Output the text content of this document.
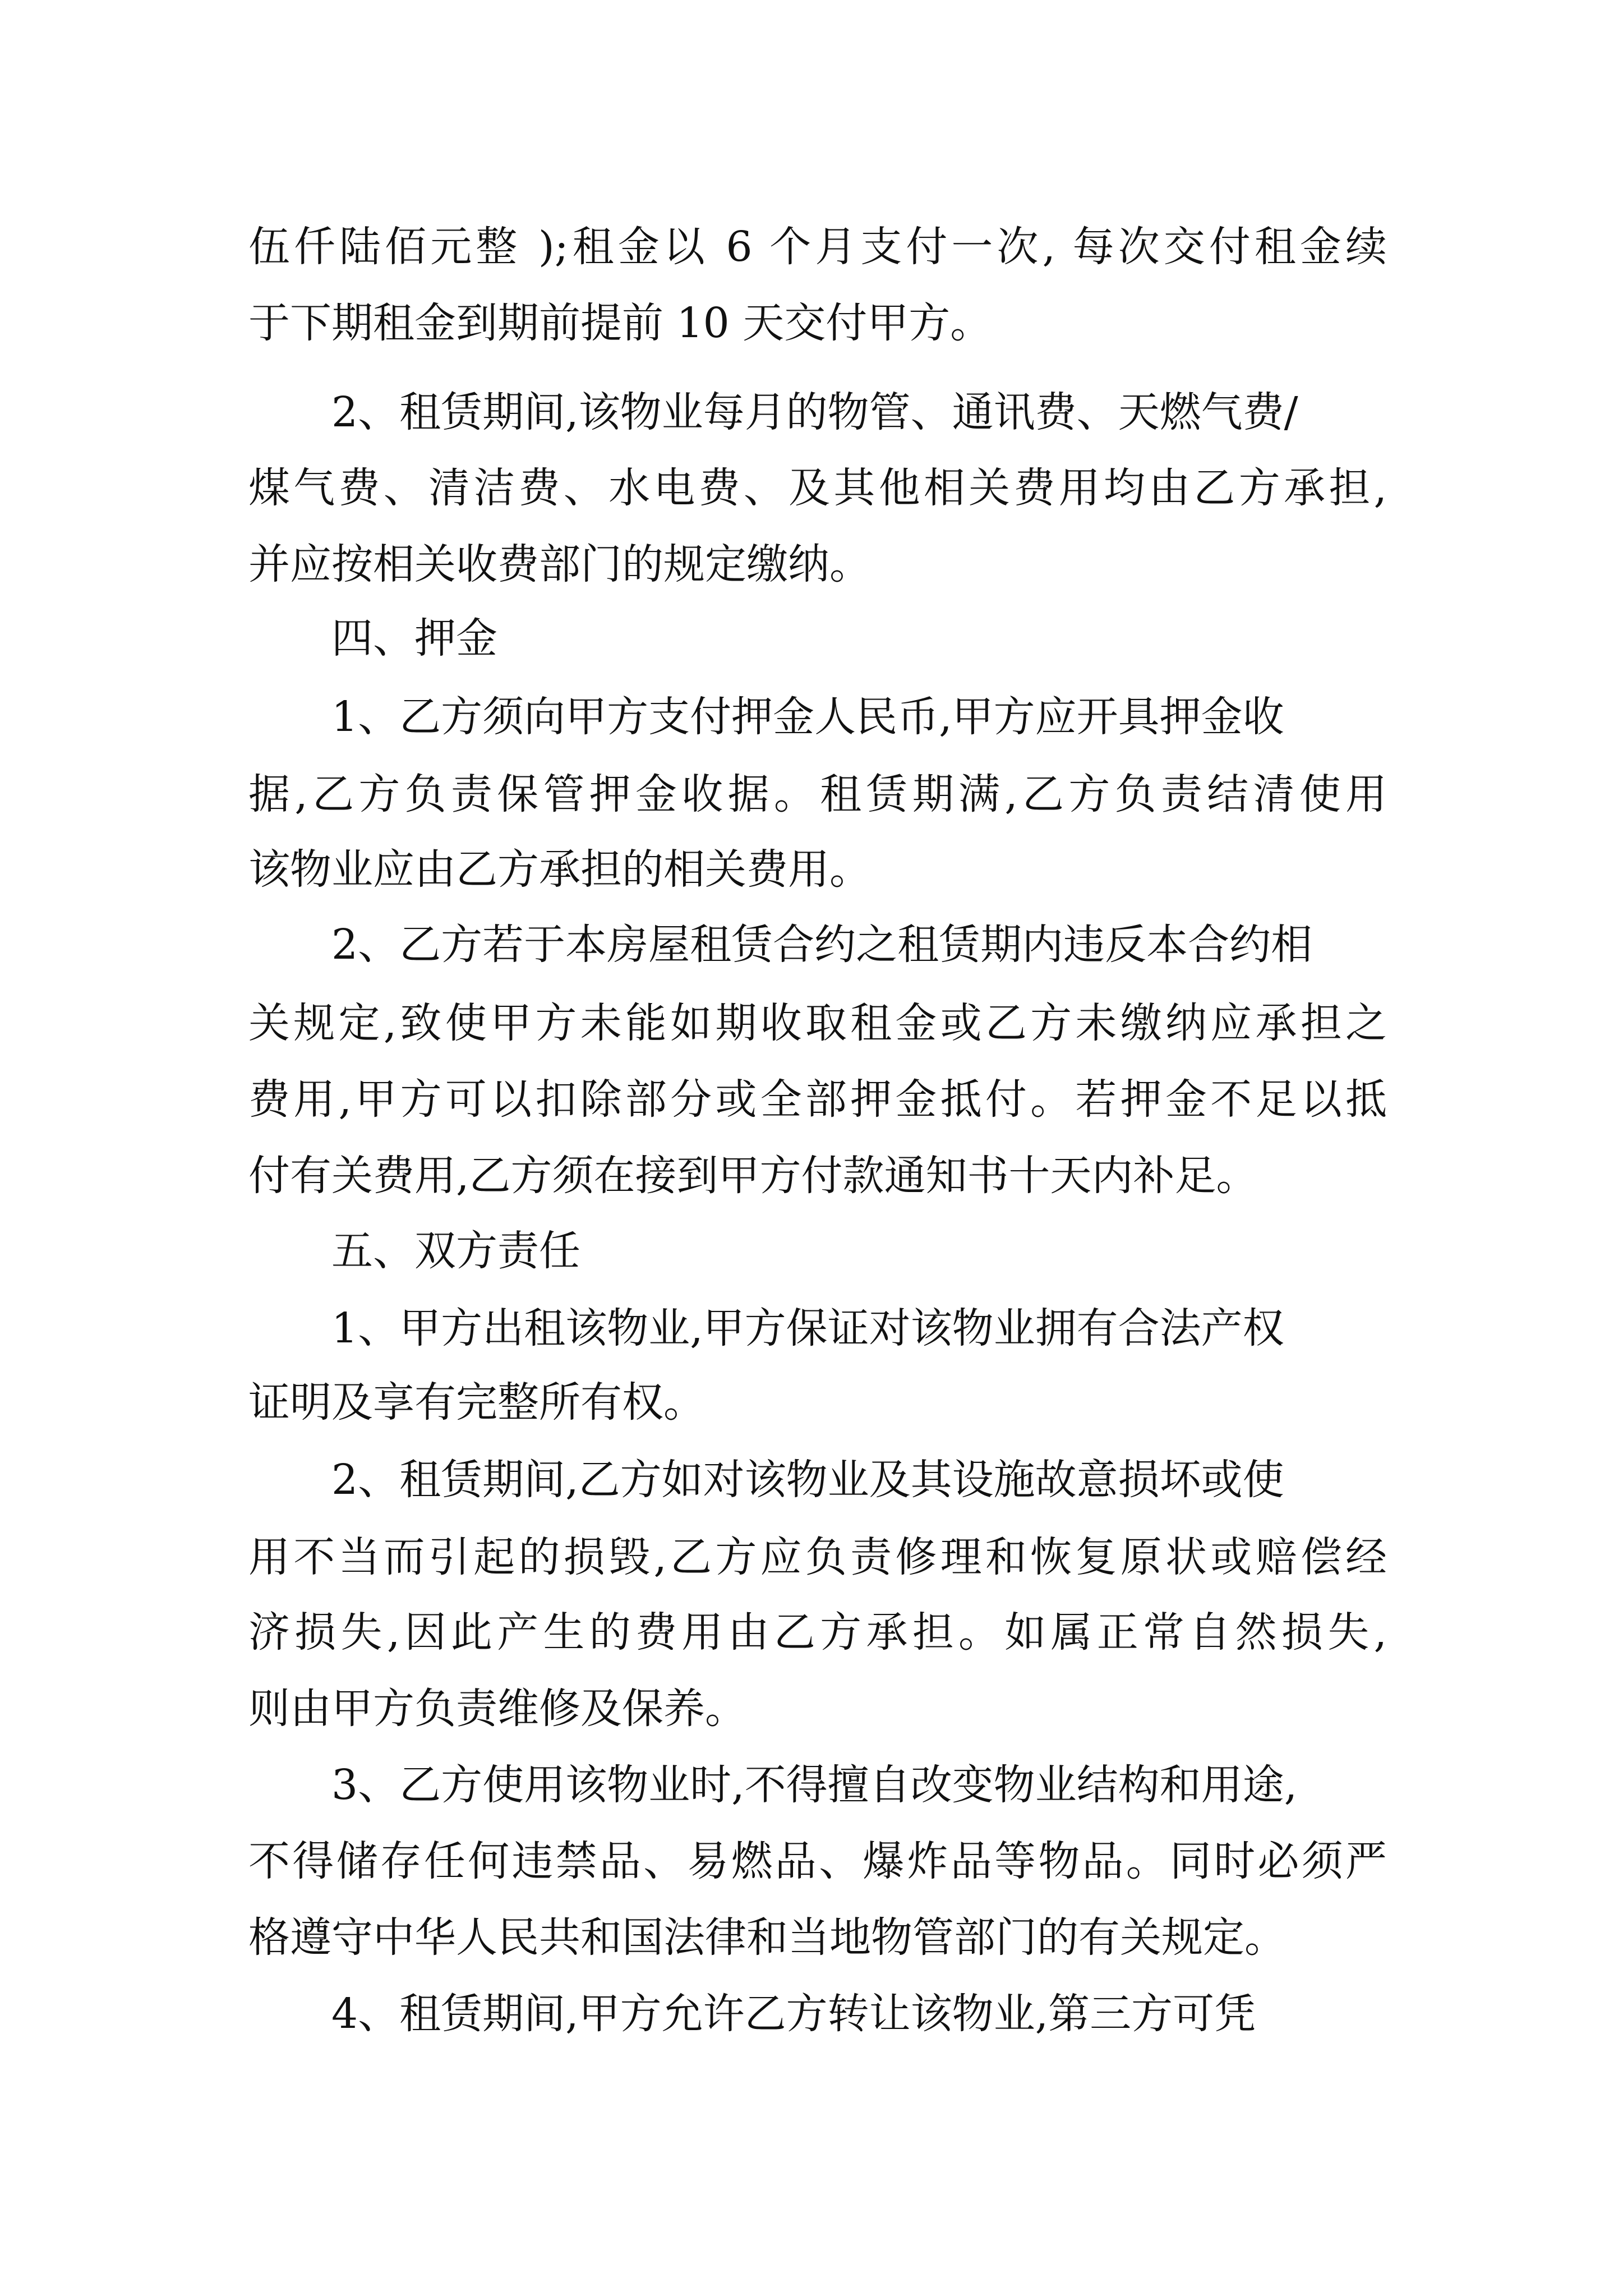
伍仟陆佰元整 );租金以 6 个月支付一次, 每次交付租金续
于下期租金到期前提前 10 天交付甲方。
2、租赁期间,该物业每月的物管、通讯费、天燃气费/
煤气费、清洁费、水电费、及其他相关费用均由乙方承担,
并应按相关收费部门的规定缴纳。
四、押金
1、乙方须向甲方支付押金人民币,甲方应开具押金收
据,乙方负责保管押金收据。租赁期满,乙方负责结清使用
该物业应由乙方承担的相关费用。
2、乙方若于本房屋租赁合约之租赁期内违反本合约相
关规定,致使甲方未能如期收取租金或乙方未缴纳应承担之
费用,甲方可以扣除部分或全部押金抵付。若押金不足以抵
付有关费用,乙方须在接到甲方付款通知书十天内补足。
五、双方责任
1、甲方出租该物业,甲方保证对该物业拥有合法产权
证明及享有完整所有权。
2、租赁期间,乙方如对该物业及其设施故意损坏或使
用不当而引起的损毁,乙方应负责修理和恢复原状或赔偿经
济损失,因此产生的费用由乙方承担。如属正常自然损失,
则由甲方负责维修及保养。
3、乙方使用该物业时,不得擅自改变物业结构和用途,
不得储存任何违禁品、易燃品、爆炸品等物品。同时必须严
格遵守中华人民共和国法律和当地物管部门的有关规定。
4、租赁期间,甲方允许乙方转让该物业,第三方可凭
